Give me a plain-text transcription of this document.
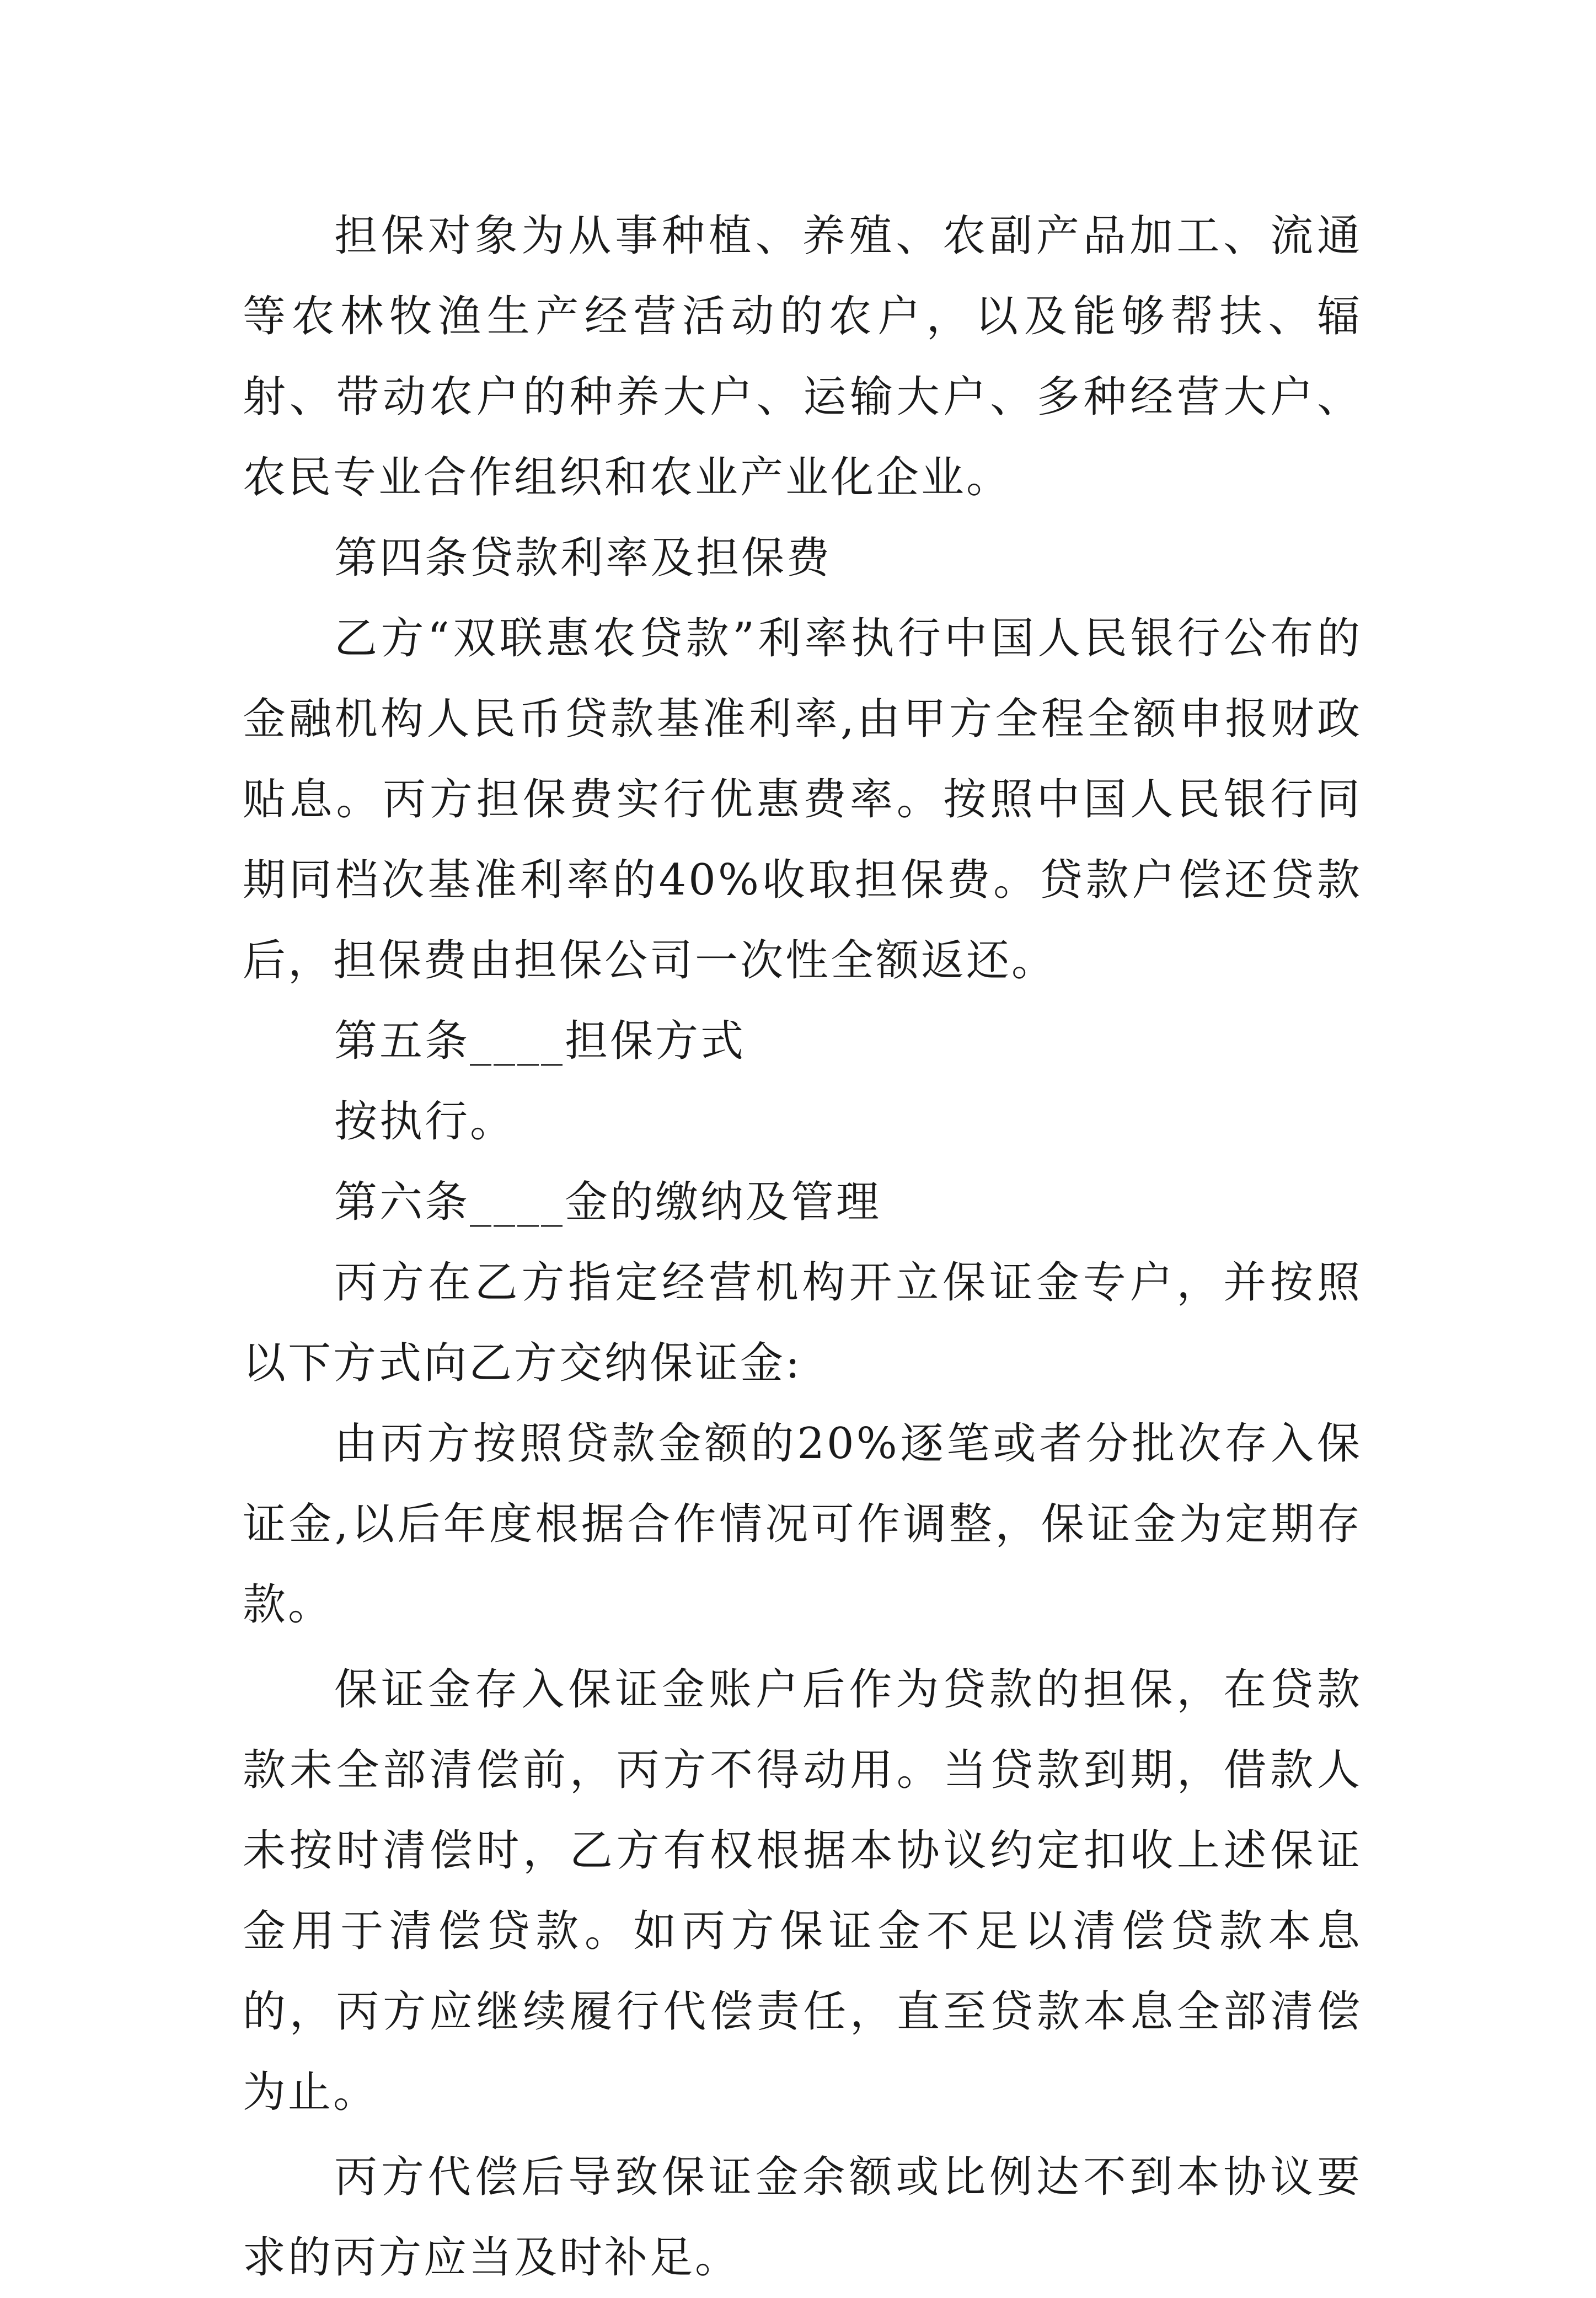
担保对象为从事种植、养殖、农副产品加工、流通等农林牧渔生产经营活动的农户，以及能够帮扶、辐射、带动农户的种养大户、运输大户、多种经营大户、农民专业合作组织和农业产业化企业。

第四条贷款利率及担保费

乙方“双联惠农贷款”利率执行中国人民银行公布的金融机构人民币贷款基准利率,由甲方全程全额申报财政贴息。丙方担保费实行优惠费率。按照中国人民银行同期同档次基准利率的40%收取担保费。贷款户偿还贷款后，担保费由担保公司一次性全额返还。

第五条____担保方式

按执行。

第六条____金的缴纳及管理

丙方在乙方指定经营机构开立保证金专户，并按照以下方式向乙方交纳保证金:

由丙方按照贷款金额的20%逐笔或者分批次存入保证金,以后年度根据合作情况可作调整，保证金为定期存款。

保证金存入保证金账户后作为贷款的担保，在贷款款未全部清偿前，丙方不得动用。当贷款到期，借款人未按时清偿时，乙方有权根据本协议约定扣收上述保证金用于清偿贷款。如丙方保证金不足以清偿贷款本息的，丙方应继续履行代偿责任，直至贷款本息全部清偿为止。

丙方代偿后导致保证金余额或比例达不到本协议要求的丙方应当及时补足。
